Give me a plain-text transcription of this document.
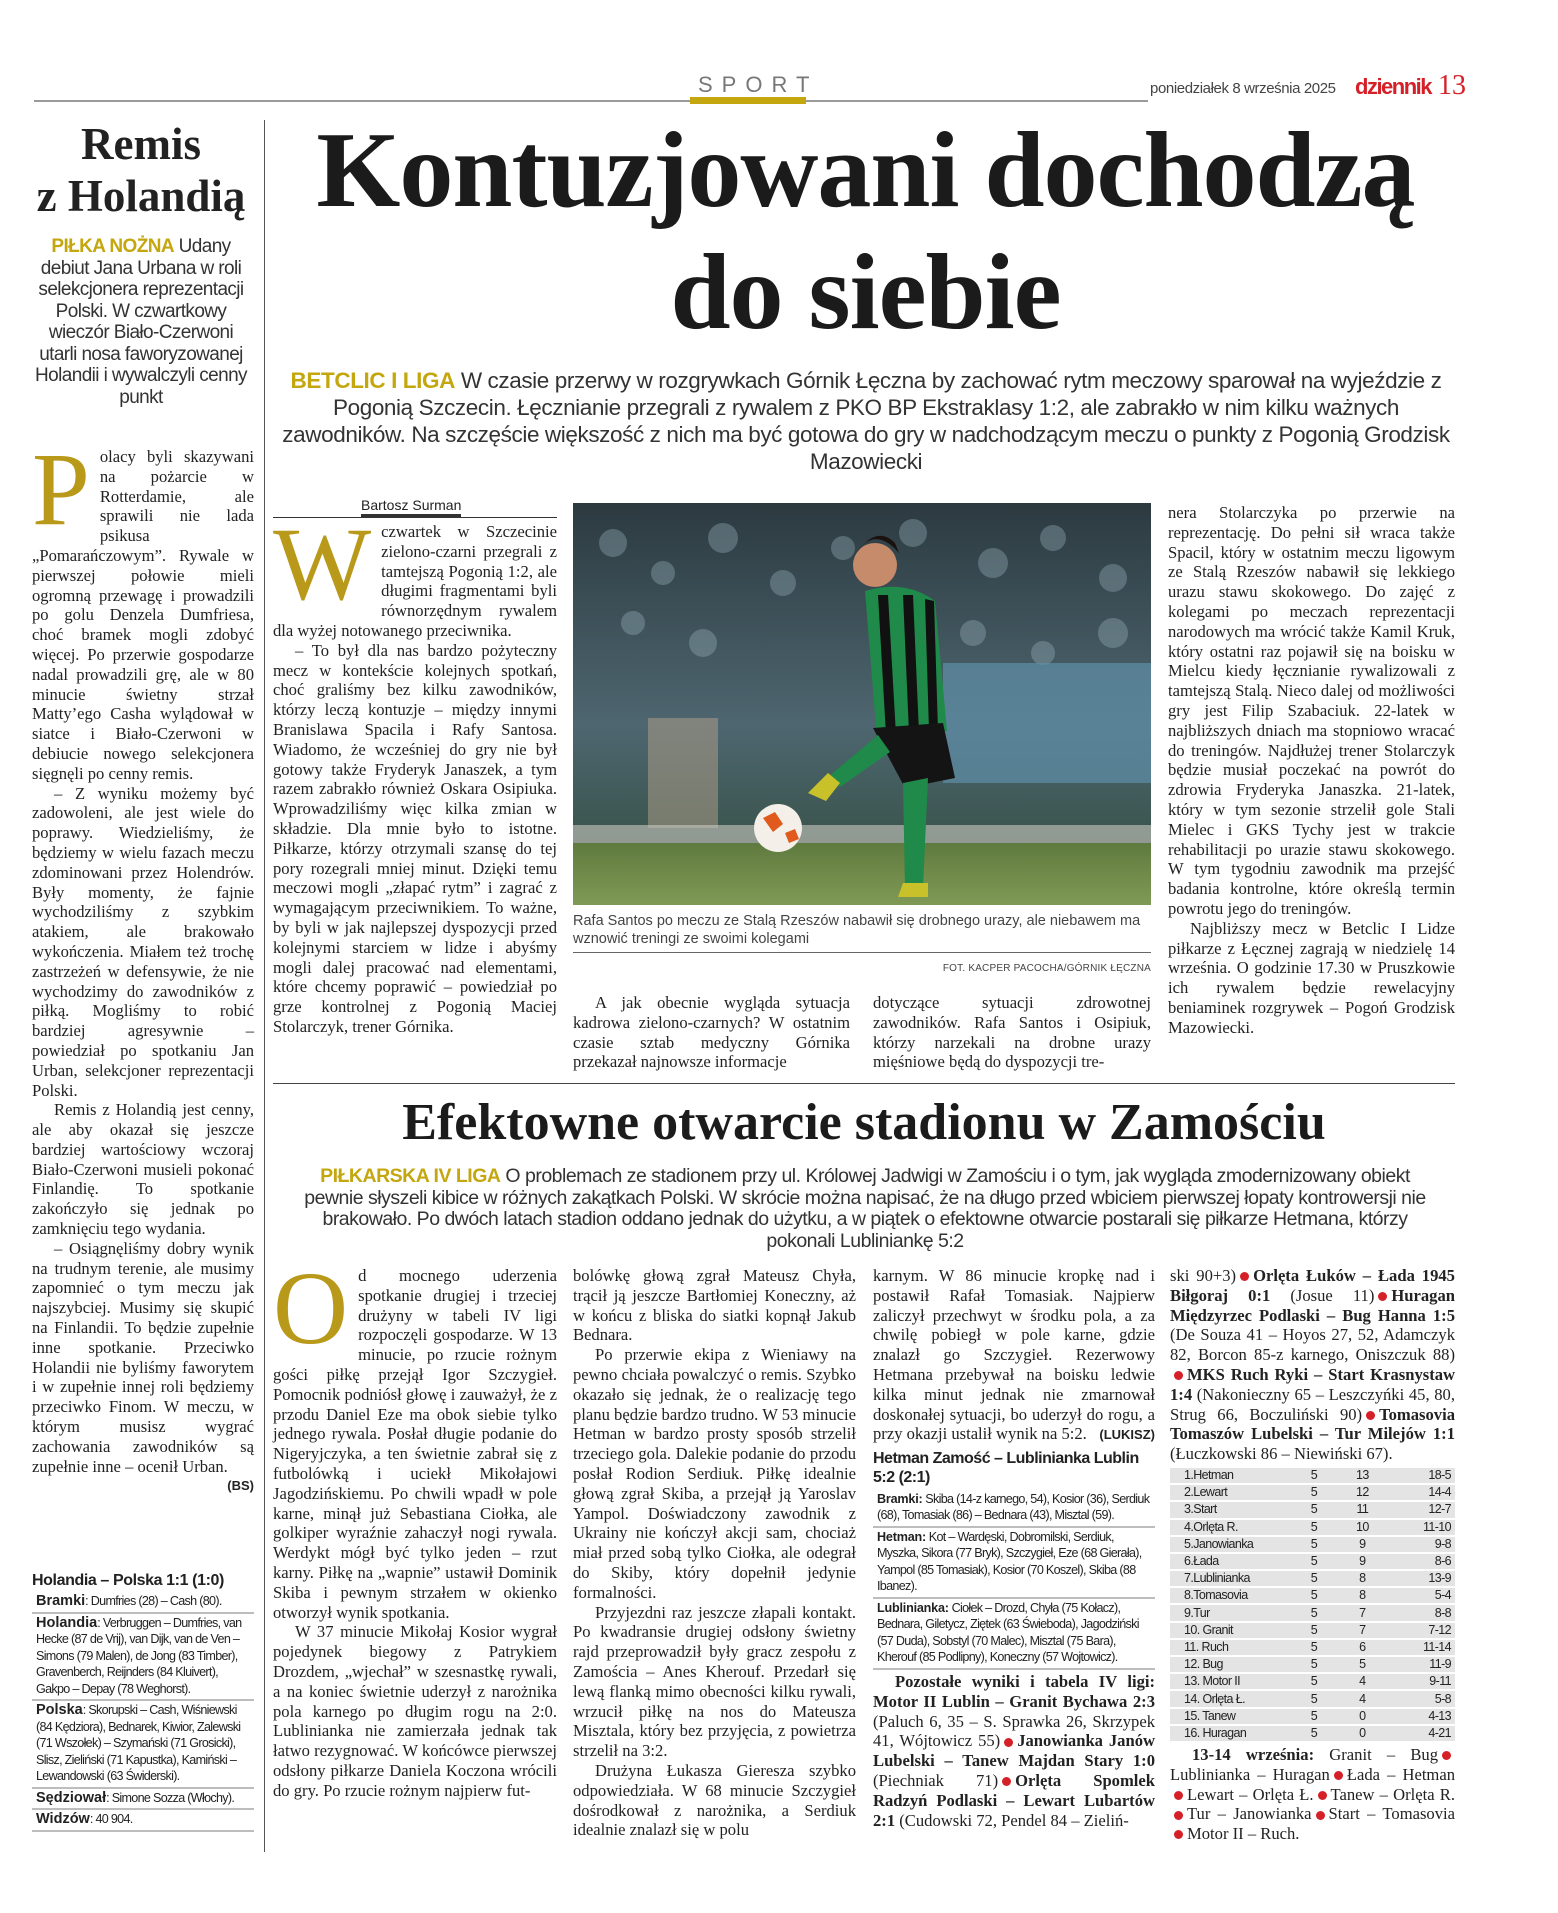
SPORT	poniedziałek 8 września 2025 dziennik 13
Remis
z Holandią
PIŁKA NOŻNA Udany debiut Jana Urbana w roli selekcjonera reprezentacji Polski. W czwartkowy wieczór Biało-Czerwoni utarli nosa faworyzowanej Holandii i wywalczyli cenny punkt
P olacy byli skazywani na pożarcie w Rotterdamie, ale sprawili nie lada psikusa „Pomarańczowym”. Rywale w pierwszej połowie mieli ogromną przewagę i prowadzili po golu Denzela Dumfriesa, choć bramek mogli zdobyć więcej. Po przerwie gospodarze nadal prowadzili grę, ale w 80 minucie świetny strzał Matty’ego Casha wylądował w siatce i Biało-Czerwoni w debiucie nowego selekcjonera sięgnęli po cenny remis.

– Z wyniku możemy być zadowoleni, ale jest wiele do poprawy. Wiedzieliśmy, że będziemy w wielu fazach meczu zdominowani przez Holendrów. Były momenty, że fajnie wychodziliśmy z szybkim atakiem, ale brakowało wykończenia. Miałem też trochę zastrzeżeń w defensywie, że nie wychodzimy do zawodników z piłką. Mogliśmy to robić bardziej agresywnie – powiedział po spotkaniu Jan Urban, selekcjoner reprezentacji Polski.

Remis z Holandią jest cenny, ale aby okazał się jeszcze bardziej wartościowy wczoraj Biało-Czerwoni musieli pokonać Finlandię. To spotkanie zakończyło się jednak po zamknięciu tego wydania.

– Osiągnęliśmy dobry wynik na trudnym terenie, ale musimy zapomnieć o tym meczu jak najszybciej. Musimy się skupić na Finlandii. To będzie zupełnie inne spotkanie. Przeciwko Holandii nie byliśmy faworytem i w zupełnie innej roli będziemy przeciwko Finom. W meczu, w którym musisz wygrać zachowania zawodników są zupełnie inne – ocenił Urban.

(BS)
Holandia – Polska 1:1 (1:0)
Bramki: Dumfries (28) – Cash (80).
Holandia: Verbruggen – Dumfries, van Hecke (87 de Vrij), van Dijk, van de Ven – Simons (79 Malen), de Jong (83 Timber), Gravenberch, Reijnders (84 Kluivert), Gakpo – Depay (78 Weghorst).
Polska: Skorupski – Cash, Wiśniewski (84 Kędziora), Bednarek, Kiwior, Zalewski (71 Wszołek) – Szymański (71 Grosicki), Slisz, Zieliński (71 Kapustka), Kamiński – Lewandowski (63 Świderski).
Sędziował: Simone Sozza (Włochy).
Widzów: 40 904.
Kontuzjowani dochodzą
do siebie
BETCLIC I LIGA W czasie przerwy w rozgrywkach Górnik Łęczna by zachować rytm meczowy sparował na wyjeździe z Pogonią Szczecin. Łęcznianie przegrali z rywalem z PKO BP Ekstraklasy 1:2, ale zabrakło w nim kilku ważnych zawodników. Na szczęście większość z nich ma być gotowa do gry w nadchodzącym meczu o punkty z Pogonią Grodzisk Mazowiecki
Bartosz Surman
W czwartek w Szczecinie zielono-czarni przegrali z tamtejszą Pogonią 1:2, ale długimi fragmentami byli równorzędnym rywalem dla wyżej notowanego przeciwnika.

– To był dla nas bardzo pożyteczny mecz w kontekście kolejnych spotkań, choć graliśmy bez kilku zawodników, którzy leczą kontuzje – między innymi Branislawa Spacila i Rafy Santosa. Wiadomo, że wcześniej do gry nie był gotowy także Fryderyk Janaszek, a tym razem zabrakło również Oskara Osipiuka. Wprowadziliśmy więc kilka zmian w składzie. Dla mnie było to istotne. Piłkarze, którzy otrzymali szansę do tej pory rozegrali mniej minut. Dzięki temu meczowi mogli „złapać rytm” i zagrać z wymagającym przeciwnikiem. To ważne, by byli w jak najlepszej dyspozycji przed kolejnymi starciem w lidze i abyśmy mogli dalej pracować nad elementami, które chcemy poprawić – powiedział po grze kontrolnej z Pogonią Maciej Stolarczyk, trener Górnika.

Rafa Santos po meczu ze Stalą Rzeszów nabawił się drobnego urazy, ale niebawem ma wznowić treningi ze swoimi kolegami
FOT. KACPER PACOCHA/GÓRNIK ŁĘCZNA

A jak obecnie wygląda sytuacja kadrowa zielono-czarnych? W ostatnim czasie sztab medyczny Górnika przekazał najnowsze informacje

dotyczące sytuacji zdrowotnej zawodników. Rafa Santos i Osipiuk, którzy narzekali na drobne urazy mięśniowe będą do dyspozycji tre-

nera Stolarczyka po przerwie na reprezentację. Do pełni sił wraca także Spacil, który w ostatnim meczu ligowym ze Stalą Rzeszów nabawił się lekkiego urazu stawu skokowego. Do zajęć z kolegami po meczach reprezentacji narodowych ma wrócić także Kamil Kruk, który ostatni raz pojawił się na boisku w Mielcu kiedy łęcznianie rywalizowali z tamtejszą Stalą. Nieco dalej od możliwości gry jest Filip Szabaciuk. 22-latek w najbliższych dniach ma stopniowo wracać do treningów. Najdłużej trener Stolarczyk będzie musiał poczekać na powrót do zdrowia Fryderyka Janaszka. 21-latek, który w tym sezonie strzelił gole Stali Mielec i GKS Tychy jest w trakcie rehabilitacji po urazie stawu skokowego. W tym tygodniu zawodnik ma przejść badania kontrolne, które określą termin powrotu jego do treningów.

Najbliższy mecz w Betclic I Lidze piłkarze z Łęcznej zagrają w niedzielę 14 września. O godzinie 17.30 w Pruszkowie ich rywalem będzie rewelacyjny beniaminek rozgrywek – Pogoń Grodzisk Mazowiecki.

Efektowne otwarcie stadionu w Zamościu
PIŁKARSKA IV LIGA O problemach ze stadionem przy ul. Królowej Jadwigi w Zamościu i o tym, jak wygląda zmodernizowany obiekt pewnie słyszeli kibice w różnych zakątkach Polski. W skrócie można napisać, że na długo przed wbiciem pierwszej łopaty kontrowersji nie brakowało. Po dwóch latach stadion oddano jednak do użytku, a w piątek o efektowne otwarcie postarali się piłkarze Hetmana, którzy pokonali Lubliniankę 5:2
O d mocnego uderzenia spotkanie drugiej i trzeciej drużyny w tabeli IV ligi rozpoczęli gospodarze. W 13 minucie, po rzucie rożnym gości piłkę przejął Igor Szczygieł. Pomocnik podniósł głowę i zauważył, że z przodu Daniel Eze ma obok siebie tylko jednego rywala. Posłał długie podanie do Nigeryjczyka, a ten świetnie zabrał się z futbolówką i uciekł Mikołajowi Jagodzińskiemu. Po chwili wpadł w pole karne, minął już Sebastiana Ciołka, ale golkiper wyraźnie zahaczył nogi rywala. Werdykt mógł być tylko jeden – rzut karny. Piłkę na „wapnie” ustawił Dominik Skiba i pewnym strzałem w okienko otworzył wynik spotkania.

W 37 minucie Mikołaj Kosior wygrał pojedynek biegowy z Patrykiem Drozdem, „wjechał” w szesnastkę rywali, a na koniec świetnie uderzył z narożnika pola karnego po długim rogu na 2:0. Lublinianka nie zamierzała jednak tak łatwo rezygnować. W końcówce pierwszej odsłony piłkarze Daniela Koczona wrócili do gry. Po rzucie rożnym najpierw fut-

bolówkę głową zgrał Mateusz Chyła, trącił ją jeszcze Bartłomiej Koneczny, aż w końcu z bliska do siatki kopnął Jakub Bednara.

Po przerwie ekipa z Wieniawy na pewno chciała powalczyć o remis. Szybko okazało się jednak, że o realizację tego planu będzie bardzo trudno. W 53 minucie Hetman w bardzo prosty sposób strzelił trzeciego gola. Dalekie podanie do przodu posłał Rodion Serdiuk. Piłkę idealnie głową zgrał Skiba, a przejął ją Yaroslav Yampol. Doświadczony zawodnik z Ukrainy nie kończył akcji sam, chociaż miał przed sobą tylko Ciołka, ale odegrał do Skiby, który dopełnił jedynie formalności.

Przyjezdni raz jeszcze złapali kontakt. Po kwadransie drugiej odsłony świetny rajd przeprowadził były gracz zespołu z Zamościa – Anes Kherouf. Przedarł się lewą flanką mimo obecności kilku rywali, wrzucił piłkę na nos do Mateusza Misztala, który bez przyjęcia, z powietrza strzelił na 3:2.

Drużyna Łukasza Gieresza szybko odpowiedziała. W 68 minucie Szczygieł dośrodkował z narożnika, a Serdiuk idealnie znalazł się w polu

karnym. W 86 minucie kropkę nad i postawił Rafał Tomasiak. Najpierw zaliczył przechwyt w środku pola, a za chwilę pobiegł w pole karne, gdzie znalazł go Szczygieł. Rezerwowy Hetmana przebywał na boisku ledwie kilka minut jednak nie zmarnował doskonałej sytuacji, bo uderzył do rogu, a przy okazji ustalił wynik na 5:2. (LUKISZ)
Hetman Zamość – Lublinianka Lublin 5:2 (2:1)
Bramki: Skiba (14-z karnego, 54), Kosior (36), Serdiuk (68), Tomasiak (86) – Bednara (43), Misztal (59).
Hetman: Kot – Wardęski, Dobromilski, Serdiuk, Myszka, Sikora (77 Bryk), Szczygieł, Eze (68 Gierała), Yampol (85 Tomasiak), Kosior (70 Koszel), Skiba (88 Ibanez).
Lublinianka: Ciołek – Drozd, Chyła (75 Kołacz), Bednara, Giletycz, Ziętek (63 Świeboda), Jagodziński (57 Duda), Sobstyl (70 Malec), Misztal (75 Bara), Kherouf (85 Podlipny), Koneczny (57 Wojtowicz).
Pozostałe wyniki i tabela IV ligi: Motor II Lublin – Granit Bychawa 2:3 (Paluch 6, 35 – S. Sprawka 26, Skrzypek 41, Wójtowicz 55) Janowianka Janów Lubelski – Tanew Majdan Stary 1:0 (Piechniak 71) Orlęta Spomlek Radzyń Podlaski – Lewart Lubartów 2:1 (Cudowski 72, Pendel 84 – Zieliń-
ski 90+3) Orlęta Łuków – Łada 1945 Biłgoraj 0:1 (Josue 11) Huragan Międzyrzec Podlaski – Bug Hanna 1:5 (De Souza 41 – Hoyos 27, 52, Adamczyk 82, Borcon 85-z karnego, Oniszczuk 88)MKS Ruch Ryki – Start Krasnystaw 1:4 (Nakonieczny 65 – Leszczyńki 45, 80, Strug 66, Boczuliński 90) Tomasovia Tomaszów Lubelski – Tur Milejów 1:1 (Łuczkowski 86 – Niewiński 67).
1.Hetman	5	13	18-5
2.Lewart	5	12	14-4
3.Start	5	11	12-7
4.Orlęta R.	5	10	11-10
5.Janowianka	5	9	9-8
6.Łada	5	9	8-6
7.Lublinianka	5	8	13-9
8.Tomasovia	5	8	5-4
9.Tur	5	7	8-8
10. Granit	5	7	7-12
11. Ruch	5	6	11-14
12. Bug	5	5	11-9
13. Motor II	5	4	9-11
14. Orlęta Ł.	5	4	5-8
15. Tanew	5	0	4-13
16. Huragan	5	0	4-21
13-14 września: Granit – BugLublinianka – Huragan Łada – HetmanLewart – Orlęta Ł. Tanew – Orlęta R.Tur – Janowianka Start – TomasoviaMotor II – Ruch.
